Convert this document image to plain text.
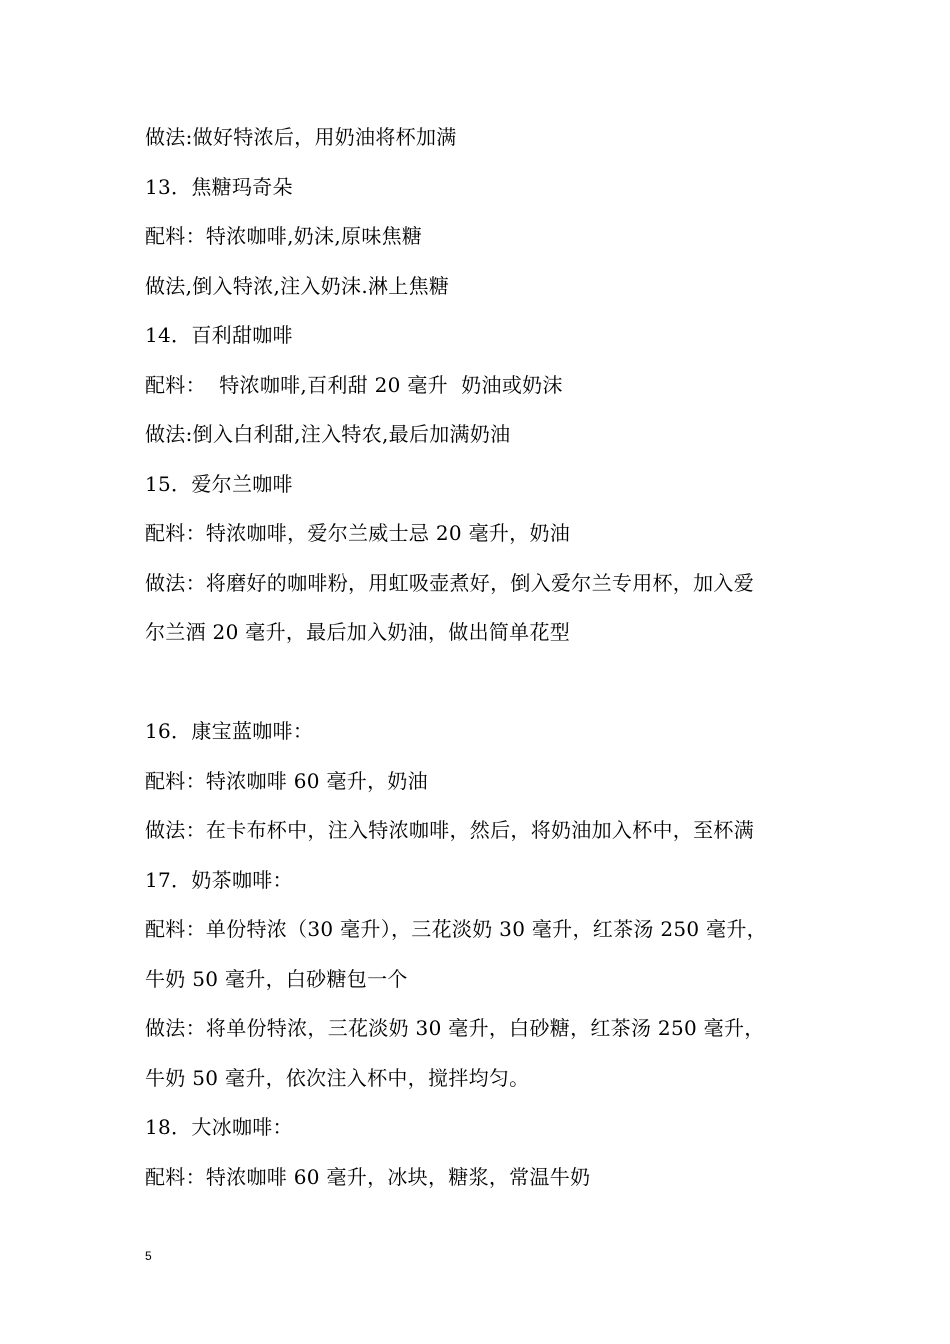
做法:做好特浓后，用奶油将杯加满
13．焦糖玛奇朵
配料：特浓咖啡,奶沫,原味焦糖
做法,倒入特浓,注入奶沫.淋上焦糖
14．百利甜咖啡
配料：  特浓咖啡,百利甜 20 毫升  奶油或奶沫
做法:倒入白利甜,注入特农,最后加满奶油
15．爱尔兰咖啡
配料：特浓咖啡，爱尔兰威士忌 20 毫升，奶油
做法：将磨好的咖啡粉，用虹吸壶煮好，倒入爱尔兰专用杯，加入爱
尔兰酒 20 毫升，最后加入奶油，做出简单花型
16．康宝蓝咖啡：
配料：特浓咖啡 60 毫升，奶油
做法：在卡布杯中，注入特浓咖啡，然后，将奶油加入杯中，至杯满
17．奶茶咖啡：
配料：单份特浓（30 毫升），三花淡奶 30 毫升，红茶汤 250 毫升，
牛奶 50 毫升，白砂糖包一个
做法：将单份特浓，三花淡奶 30 毫升，白砂糖，红茶汤 250 毫升，
牛奶 50 毫升，依次注入杯中，搅拌均匀。
18．大冰咖啡：
配料：特浓咖啡 60 毫升，冰块，糖浆，常温牛奶
5
